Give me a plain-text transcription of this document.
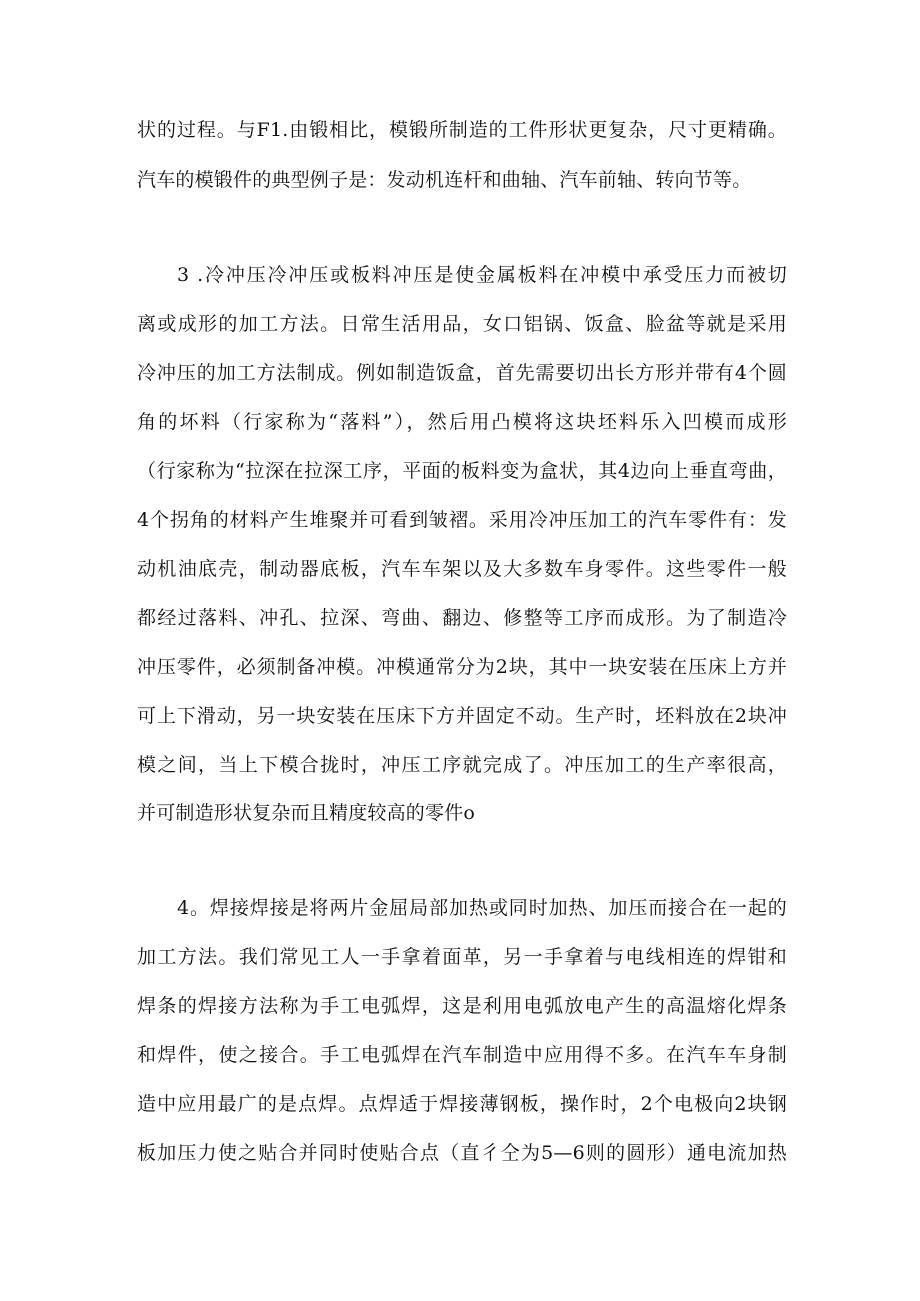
状的过程。与F1.由锻相比，模锻所制造的工件形状更复杂，尺寸更精确。
汽车的模锻件的典型例子是：发动机连杆和曲轴、汽车前轴、转向节等。
3 .冷冲压冷冲压或板料冲压是使金属板料在冲模中承受压力而被切
离或成形的加工方法。日常生活用品，女口铝锅、饭盒、脸盆等就是采用
冷冲压的加工方法制成。例如制造饭盒，首先需要切出长方形并带有4个圆
角的坏料（行家称为“落料”），然后用凸模将这块坯料乐入凹模而成形
（行家称为“拉深在拉深工序，平面的板料变为盒状，其4边向上垂直弯曲，
4个拐角的材料产生堆聚并可看到皱褶。采用冷冲压加工的汽车零件有：发
动机油底壳，制动器底板，汽车车架以及大多数车身零件。这些零件一般
都经过落料、冲孔、拉深、弯曲、翻边、修整等工序而成形。为了制造冷
冲压零件，必须制备冲模。冲模通常分为2块，其中一块安装在压床上方并
可上下滑动，另一块安装在压床下方并固定不动。生产时，坯料放在2块冲
模之间，当上下模合拢时，冲压工序就完成了。冲压加工的生产率很高，
并可制造形状复杂而且精度较高的零件o
4。焊接焊接是将两片金屈局部加热或同时加热、加压而接合在一起的
加工方法。我们常见工人一手拿着面革，另一手拿着与电线相连的焊钳和
焊条的焊接方法称为手工电弧焊，这是利用电弧放电产生的高温熔化焊条
和焊件，使之接合。手工电弧焊在汽车制造中应用得不多。在汽车车身制
造中应用最广的是点焊。点焊适于焊接薄钢板，操作时，2个电极向2块钢
板加压力使之贴合并同时使贴合点（直彳仝为5—6则的圆形）通电流加热
